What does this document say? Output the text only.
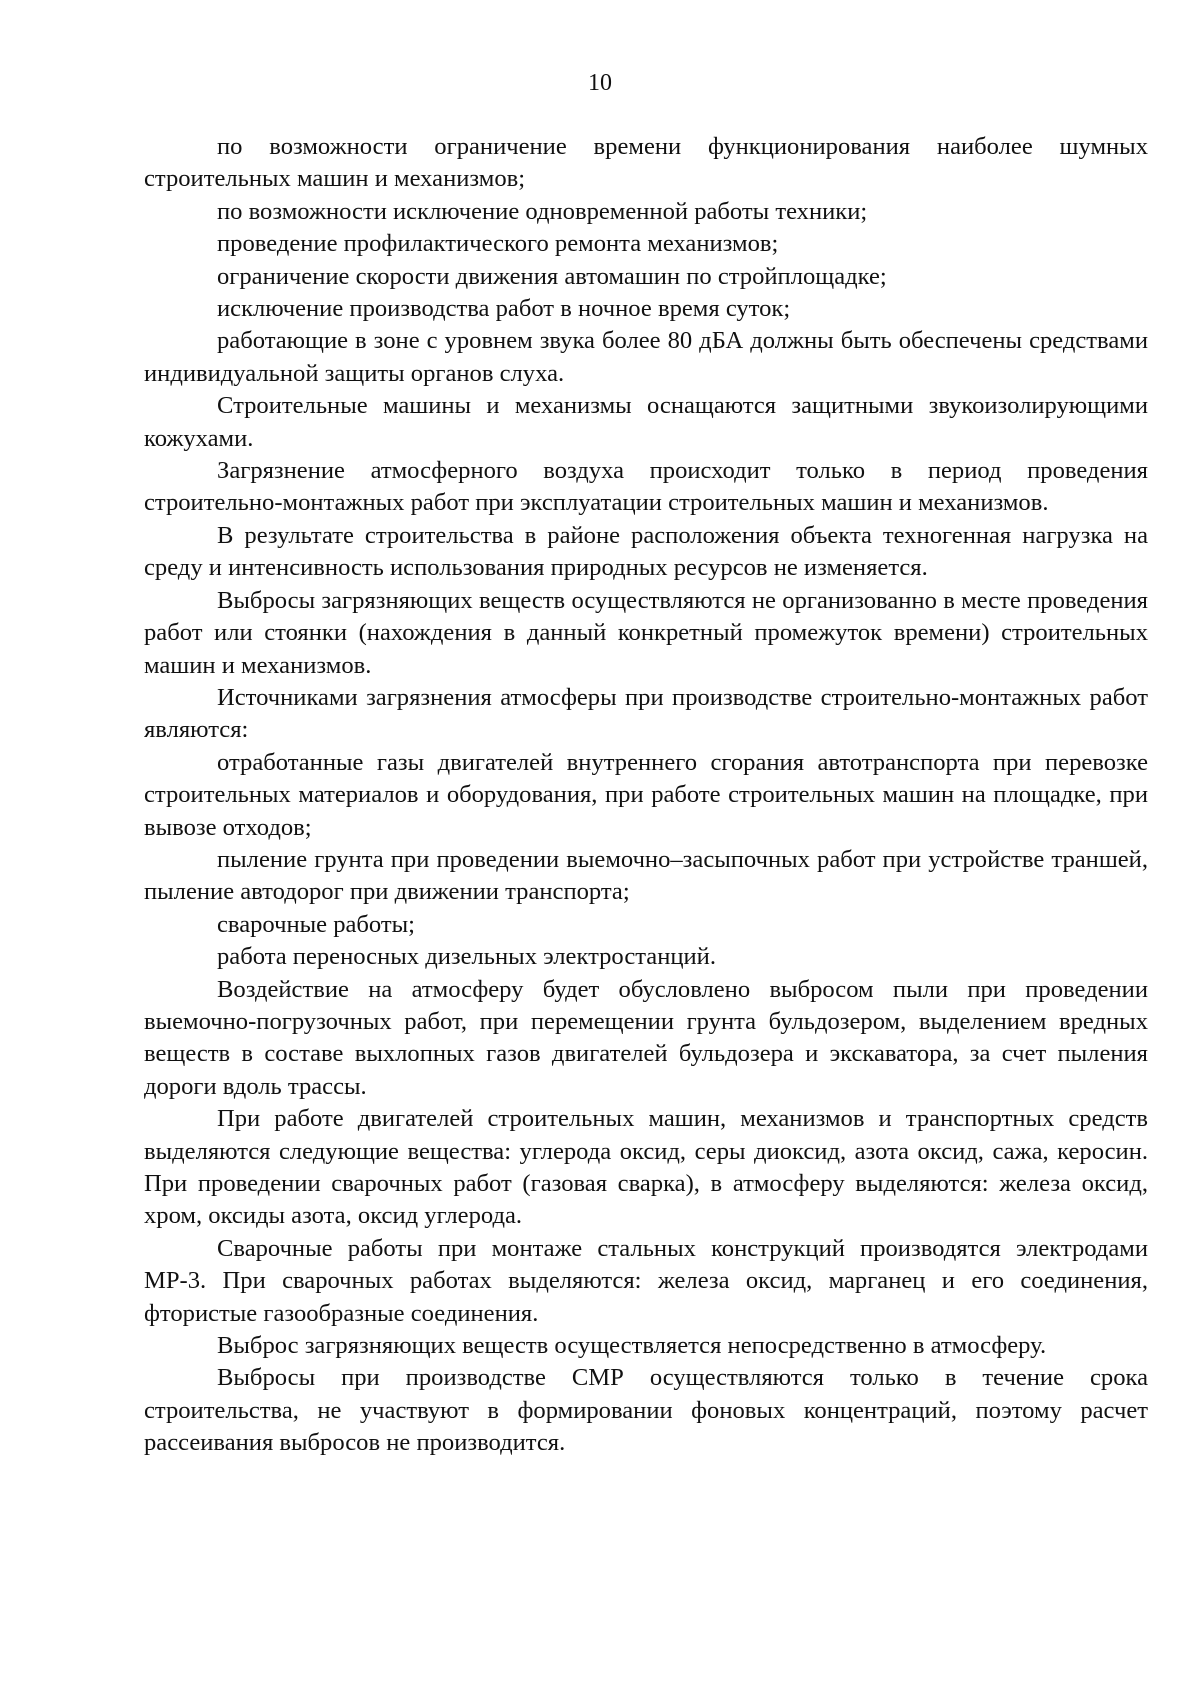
10

по возможности ограничение времени функционирования наиболее шумных строительных машин и механизмов;

по возможности исключение одновременной работы техники;

проведение профилактического ремонта механизмов;

ограничение скорости движения автомашин по стройплощадке;

исключение производства работ в ночное время суток;

работающие в зоне с уровнем звука более 80 дБА должны быть обеспечены средствами индивидуальной защиты органов слуха.

Строительные машины и механизмы оснащаются защитными звукоизолирующими кожухами.

Загрязнение атмосферного воздуха происходит только в период проведения строительно-монтажных работ при эксплуатации строительных машин и механизмов.

В результате строительства в районе расположения объекта техногенная нагрузка на среду и интенсивность использования природных ресурсов не изменяется.

Выбросы загрязняющих веществ осуществляются не организованно в месте проведения работ или стоянки (нахождения в данный конкретный промежуток времени) строительных машин и механизмов.

Источниками загрязнения атмосферы при производстве строительно-монтажных работ являются:

отработанные газы двигателей внутреннего сгорания автотранспорта при перевозке строительных материалов и оборудования, при работе строительных машин на площадке, при вывозе отходов;

пыление грунта при проведении выемочно–засыпочных работ при устройстве траншей, пыление автодорог при движении транспорта;

сварочные работы;

работа переносных дизельных электростанций.

Воздействие на атмосферу будет обусловлено выбросом пыли при проведении выемочно-погрузочных работ, при перемещении грунта бульдозером, выделением вредных веществ в составе выхлопных газов двигателей бульдозера и экскаватора, за счет пыления дороги вдоль трассы.

При работе двигателей строительных машин, механизмов и транспортных средств выделяются следующие вещества: углерода оксид, серы диоксид, азота оксид, сажа, керосин. При проведении сварочных работ (газовая сварка), в атмосферу выделяются: железа оксид, хром, оксиды азота, оксид углерода.

Сварочные работы при монтаже стальных конструкций производятся электродами МР-3. При сварочных работах выделяются: железа оксид, марганец и его соединения, фтористые газообразные соединения.

Выброс загрязняющих веществ осуществляется непосредственно в атмосферу.

Выбросы при производстве СМР осуществляются только в течение срока строительства, не участвуют в формировании фоновых концентраций, поэтому расчет рассеивания выбросов не производится.
